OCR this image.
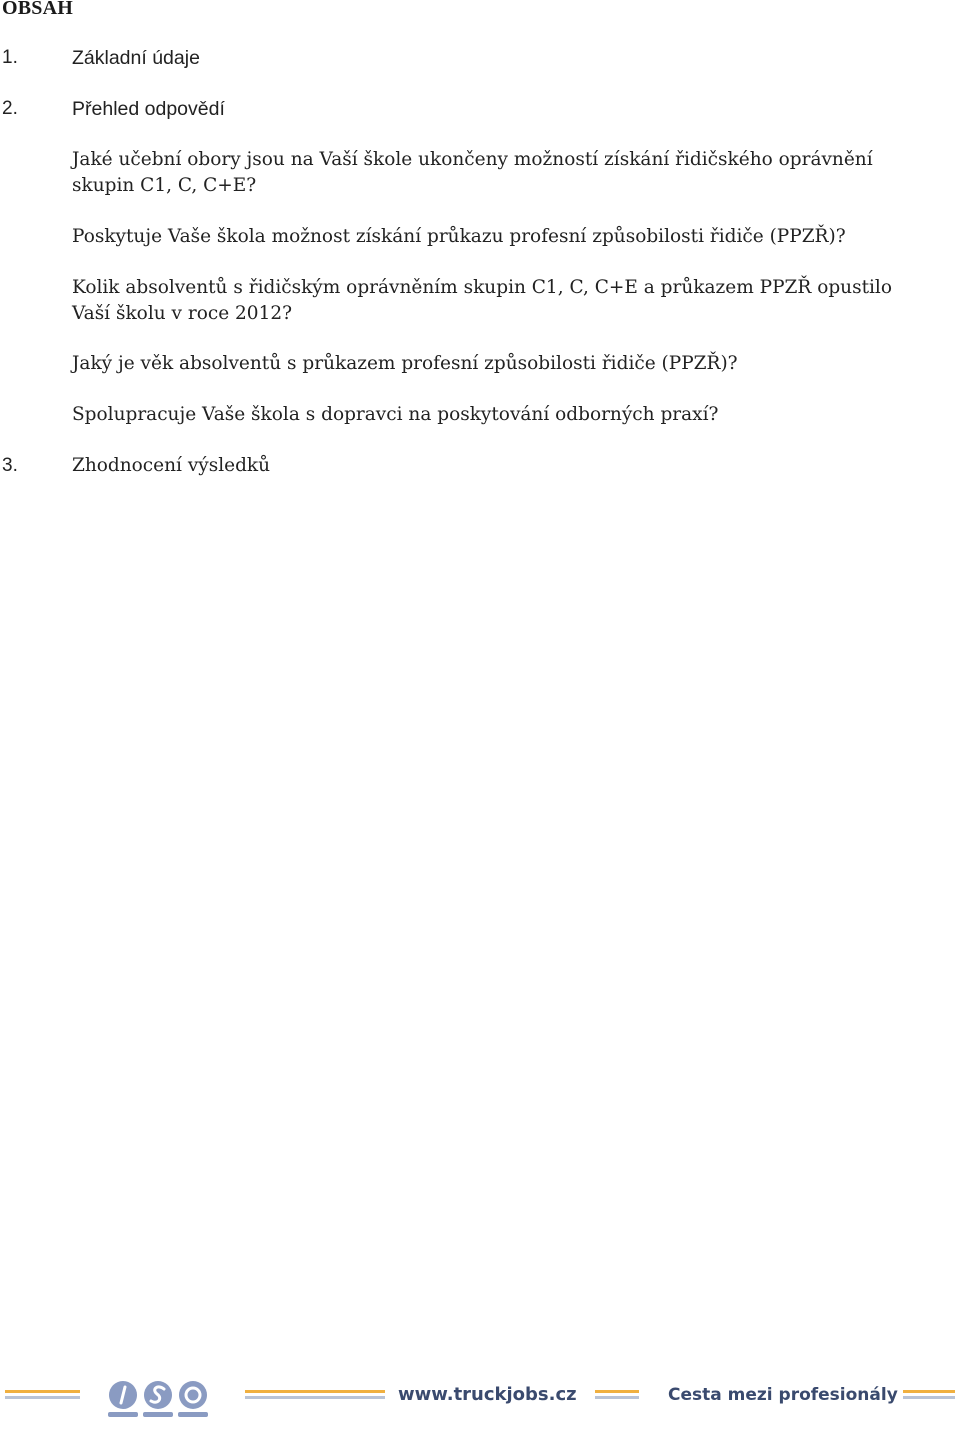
OBSAH
1.	Základní údaje
2.	Přehled odpovědí
Jaké učební obory jsou na Vaší škole ukončeny možností získání řidičského oprávnění skupin C1, C, C+E?
Poskytuje Vaše škola možnost získání průkazu profesní způsobilosti řidiče (PPZŘ)?
Kolik absolventů s řidičským oprávněním skupin C1, C, C+E a průkazem PPZŘ opustilo Vaší školu v roce 2012?
Jaký je věk absolventů s průkazem profesní způsobilosti řidiče (PPZŘ)?
Spolupracuje Vaše škola s dopravci na poskytování odborných praxí?
3.	Zhodnocení výsledků
iso
www.truckjobs.cz	Cesta mezi profesionály
